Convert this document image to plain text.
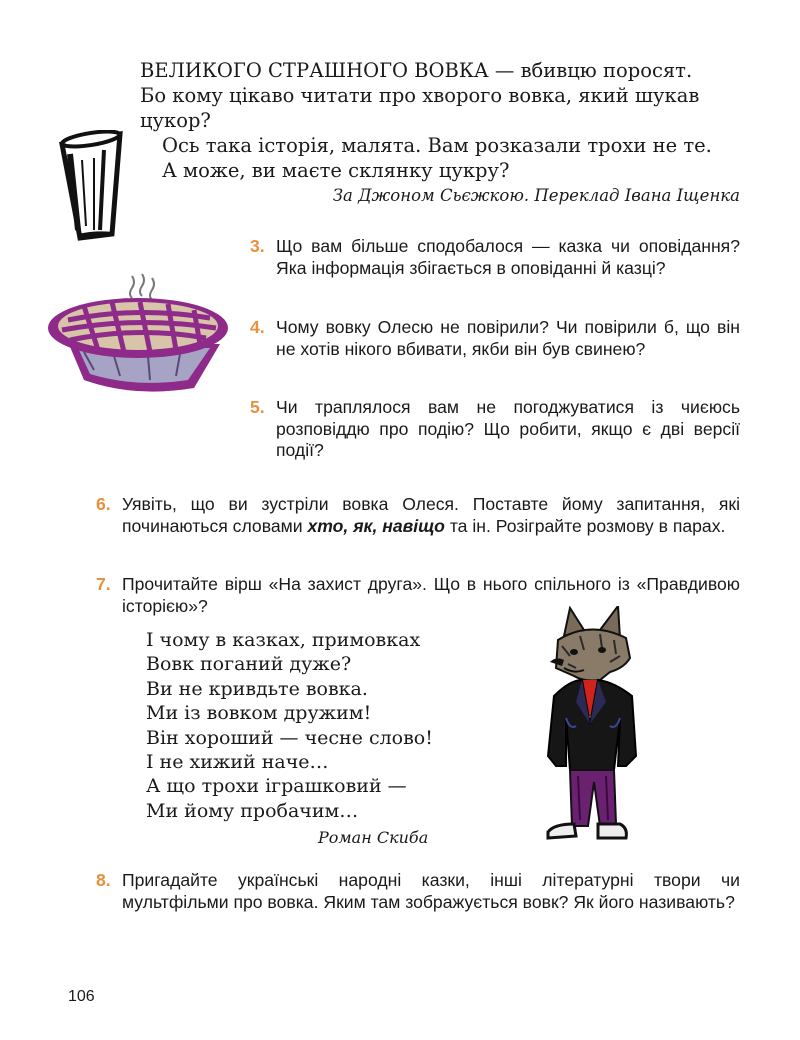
ВЕЛИКОГО СТРАШНОГО ВОВКА — вбивцю поросят.

Бо кому цікаво читати про хворого вовка, який шукав

цукор?

Ось така історія, малята. Вам розказали трохи не те.

А може, ви маєте склянку цукру?

За Джоном Сьєжкою. Переклад Івана Іщенка
3. Що вам більше сподобалося — казка чи оповідання? Яка інформація збігається в оповіданні й казці?
4. Чому вовку Олесю не повірили? Чи повірили б, що він не хотів нікого вбивати, якби він був свинею?
5. Чи траплялося вам не погоджуватися із чиєюсь розповіддю про подію? Що робити, якщо є дві версії події?
6. Уявіть, що ви зустріли вовка Олеся. Поставте йому запитання, які починаються словами хто, як, навіщо та ін. Розіграйте розмову в парах.
7. Прочитайте вірш «На захист друга». Що в нього спільного із «Правдивою історією»?
І чому в казках, примовках
Вовк поганий дуже?
Ви не кривдьте вовка.
Ми із вовком дружим!
Він хороший — чесне слово!
І не хижий наче…
А що трохи іграшковий —
Ми йому пробачим…
Роман Скиба
8. Пригадайте українські народні казки, інші літературні твори чи мультфільми про вовка. Яким там зображується вовк? Як його називають?
106
